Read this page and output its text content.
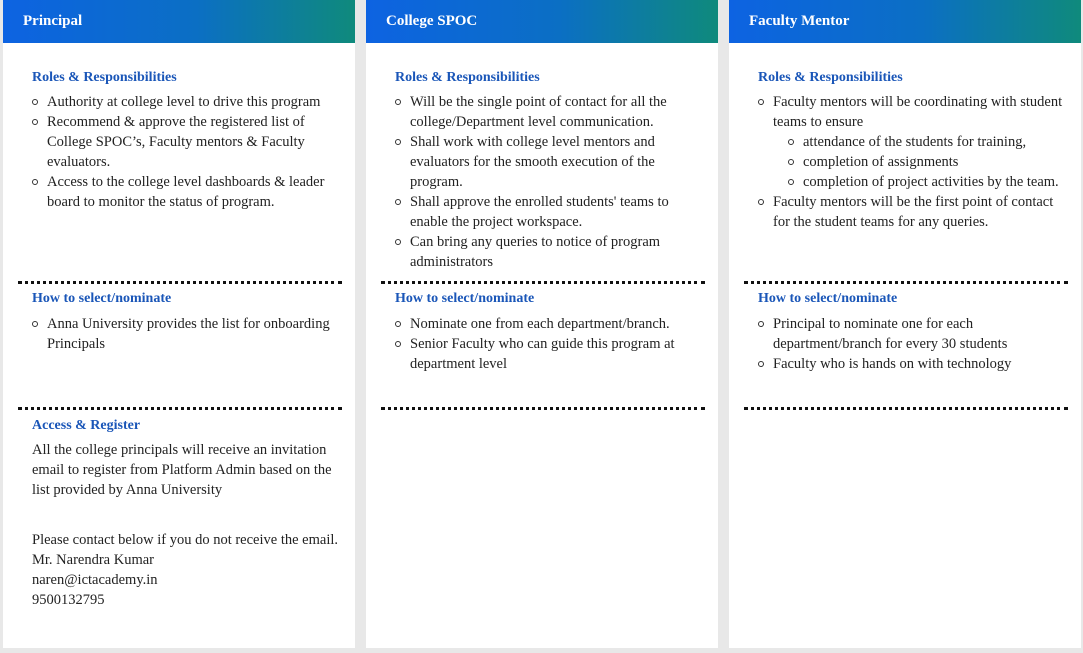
Principal
Roles & Responsibilities
Authority at college level to drive this program
Recommend & approve the registered list of College SPOC’s, Faculty mentors & Faculty evaluators.
Access to the college level dashboards & leader board to monitor the status of program.
How to select/nominate
Anna University provides the list for onboarding Principals
Access & Register
All the college principals will receive an invitation email to register from Platform Admin based on the list provided by Anna University
Please contact below if you do not receive the email.
Mr. Narendra Kumar
naren@ictacademy.in
9500132795
College SPOC
Roles & Responsibilities
Will be the single point of contact for all the college/Department level communication.
Shall work with college level mentors and evaluators for the smooth execution of the program.
Shall approve the enrolled students' teams to enable the project workspace.
Can bring any queries to notice of program administrators
How to select/nominate
Nominate one from each department/branch.
Senior Faculty who can guide this program at department level
Faculty Mentor
Roles & Responsibilities
Faculty mentors will be coordinating with student teams to ensure
attendance of the students for training,
completion of assignments
completion of project activities by the team.
Faculty mentors will be the first point of contact for the student teams for any queries.
How to select/nominate
Principal to nominate one for each department/branch for every 30 students
Faculty who is hands on with technology
